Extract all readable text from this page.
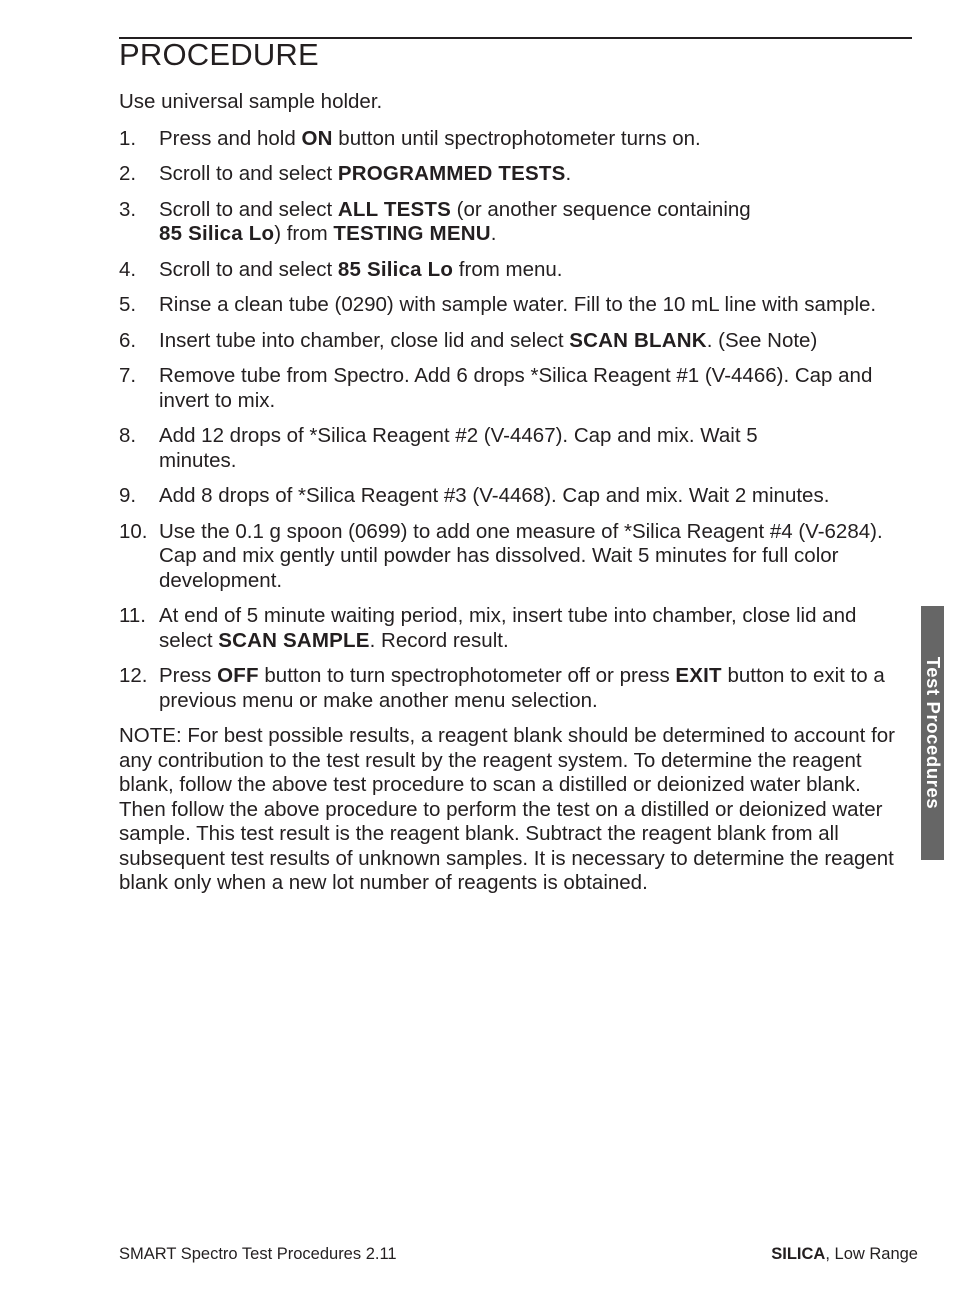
PROCEDURE

Use universal sample holder.

1. Press and hold ON button until spectrophotometer turns on.
2. Scroll to and select PROGRAMMED TESTS.
3. Scroll to and select ALL TESTS (or another sequence containing
85 Silica Lo) from TESTING MENU.
4. Scroll to and select 85 Silica Lo from menu.
5. Rinse a clean tube (0290) with sample water. Fill to the 10 mL line with sample.
6. Insert tube into chamber, close lid and select SCAN BLANK. (See Note)
7. Remove tube from Spectro. Add 6 drops *Silica Reagent #1 (V-4466). Cap and invert to mix.
8. Add 12 drops of *Silica Reagent #2 (V-4467). Cap and mix. Wait 5
minutes.
9. Add 8 drops of *Silica Reagent #3 (V-4468). Cap and mix. Wait 2 minutes.
10. Use the 0.1 g spoon (0699) to add one measure of *Silica Reagent #4 (V-6284). Cap and mix gently until powder has dissolved. Wait 5 minutes for full color development.
11. At end of 5 minute waiting period, mix, insert tube into chamber, close lid and select SCAN SAMPLE. Record result.
12. Press OFF button to turn spectrophotometer off or press EXIT button to exit to a previous menu or make another menu selection.

NOTE: For best possible results, a reagent blank should be determined to account for any contribution to the test result by the reagent system. To determine the reagent blank, follow the above test procedure to scan a distilled or deionized water blank. Then follow the above procedure to perform the test on a distilled or deionized water sample. This test result is the reagent blank. Subtract the reagent blank from all subsequent test results of unknown samples. It is necessary to determine the reagent blank only when a new lot number of reagents is obtained.

Test Procedures
SMART Spectro Test Procedures 2.11	SILICA, Low Range
